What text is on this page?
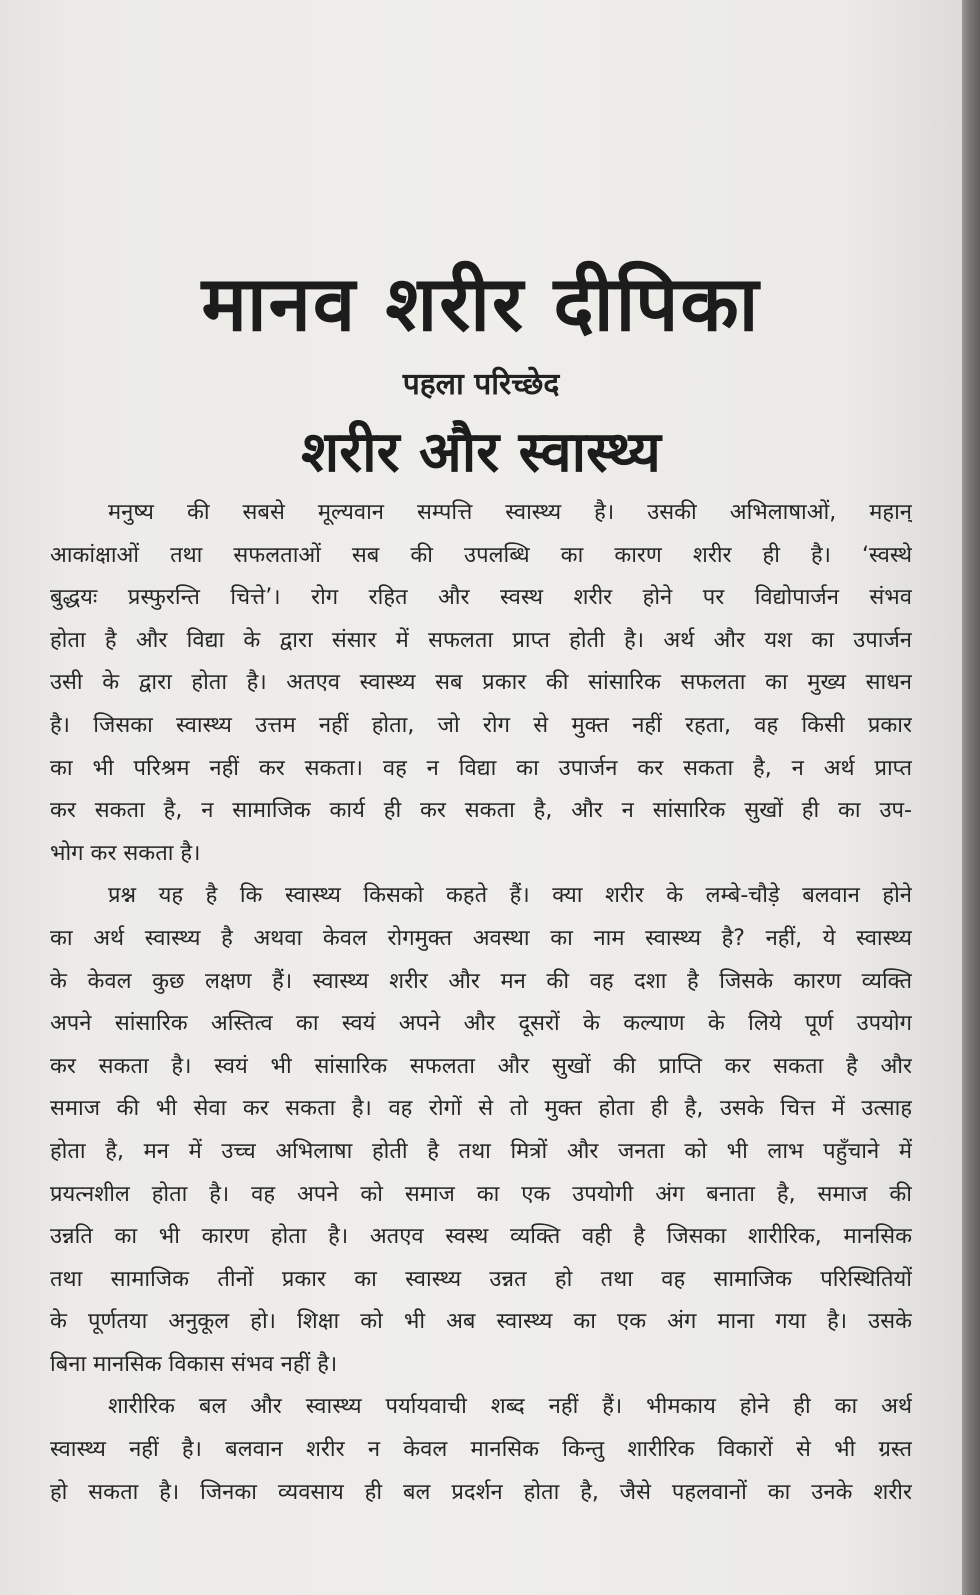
मानव शरीर दीपिका
पहला परिच्छेद
शरीर और स्वास्थ्य
मनुष्य की सबसे मूल्यवान सम्पत्ति स्वास्थ्य है। उसकी अभिलाषाओं, महान्
आकांक्षाओं तथा सफलताओं सब की उपलब्धि का कारण शरीर ही है। ‘स्वस्थे
बुद्धयः प्रस्फुरन्ति चित्ते’। रोग रहित और स्वस्थ शरीर होने पर विद्योपार्जन संभव
होता है और विद्या के द्वारा संसार में सफलता प्राप्त होती है। अर्थ और यश का उपार्जन
उसी के द्वारा होता है। अतएव स्वास्थ्य सब प्रकार की सांसारिक सफलता का मुख्य साधन
है। जिसका स्वास्थ्य उत्तम नहीं होता, जो रोग से मुक्त नहीं रहता, वह किसी प्रकार
का भी परिश्रम नहीं कर सकता। वह न विद्या का उपार्जन कर सकता है, न अर्थ प्राप्त
कर सकता है, न सामाजिक कार्य ही कर सकता है, और न सांसारिक सुखों ही का उप-
भोग कर सकता है।
प्रश्न यह है कि स्वास्थ्य किसको कहते हैं। क्या शरीर के लम्बे-चौड़े बलवान होने
का अर्थ स्वास्थ्य है अथवा केवल रोगमुक्त अवस्था का नाम स्वास्थ्य है? नहीं, ये स्वास्थ्य
के केवल कुछ लक्षण हैं। स्वास्थ्य शरीर और मन की वह दशा है जिसके कारण व्यक्ति
अपने सांसारिक अस्तित्व का स्वयं अपने और दूसरों के कल्याण के लिये पूर्ण उपयोग
कर सकता है। स्वयं भी सांसारिक सफलता और सुखों की प्राप्ति कर सकता है और
समाज की भी सेवा कर सकता है। वह रोगों से तो मुक्त होता ही है, उसके चित्त में उत्साह
होता है, मन में उच्च अभिलाषा होती है तथा मित्रों और जनता को भी लाभ पहुँचाने में
प्रयत्नशील होता है। वह अपने को समाज का एक उपयोगी अंग बनाता है, समाज की
उन्नति का भी कारण होता है। अतएव स्वस्थ व्यक्ति वही है जिसका शारीरिक, मानसिक
तथा सामाजिक तीनों प्रकार का स्वास्थ्य उन्नत हो तथा वह सामाजिक परिस्थितियों
के पूर्णतया अनुकूल हो। शिक्षा को भी अब स्वास्थ्य का एक अंग माना गया है। उसके
बिना मानसिक विकास संभव नहीं है।
शारीरिक बल और स्वास्थ्य पर्यायवाची शब्द नहीं हैं। भीमकाय होने ही का अर्थ
स्वास्थ्य नहीं है। बलवान शरीर न केवल मानसिक किन्तु शारीरिक विकारों से भी ग्रस्त
हो सकता है। जिनका व्यवसाय ही बल प्रदर्शन होता है, जैसे पहलवानों का उनके शरीर
